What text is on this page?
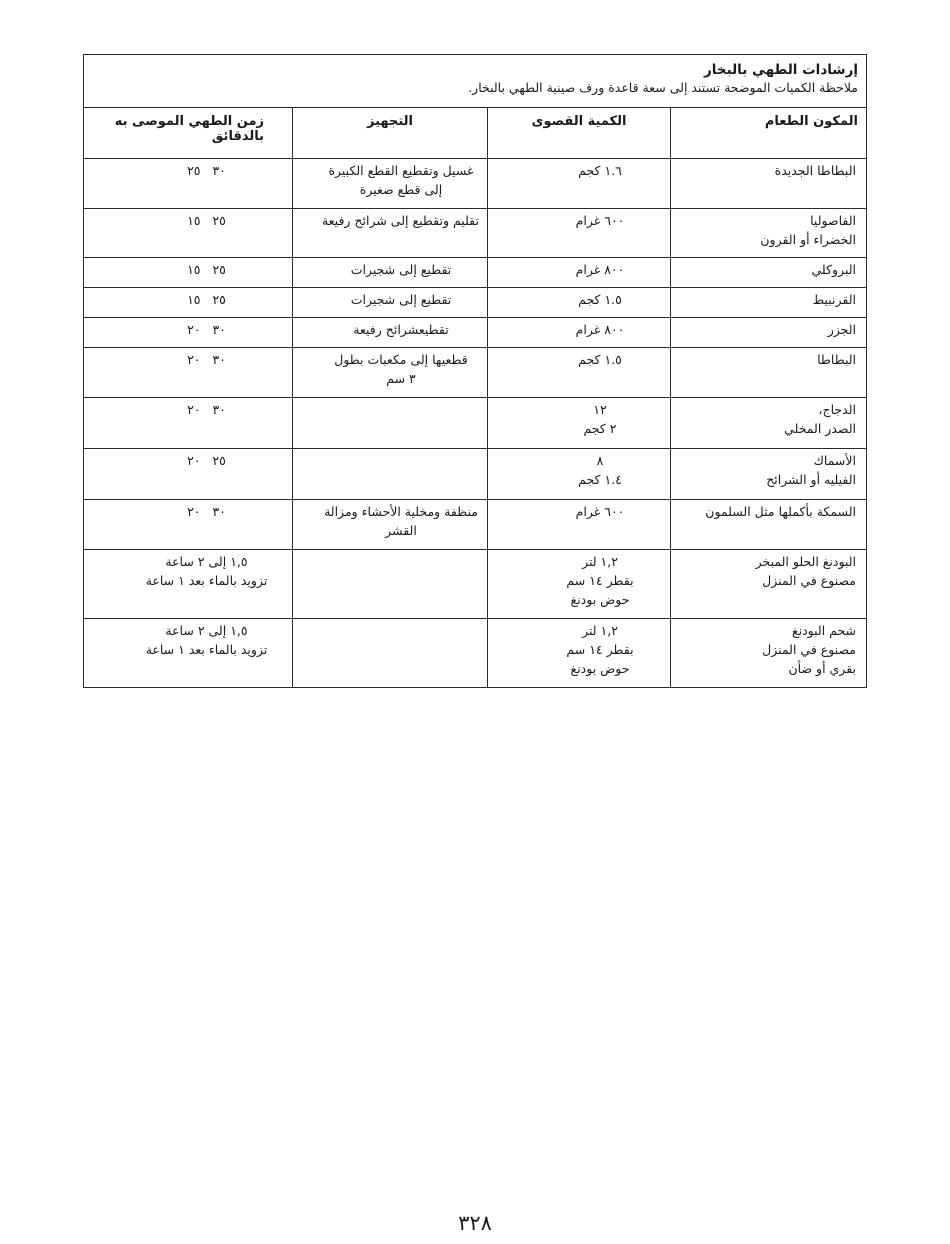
إرشادات الطهي بالبخار
ملاحظة الكميات الموضحة تستند إلى سعة قاعدة ورف صينية الطهي بالبخار.			

المكون الطعام	الكمية القصوى	التجهيز	زمن الطهي الموصى به بالدقائق

البطاطا الجديدة	١.٦ كجم	غسيل وتقطيع القطع الكبيرة
إلى قطع صغيرة	٣٠   ٢٥

الفاصوليا
الخضراء أو القرون	٦٠٠ غرام	تقليم وتقطيع إلى شرائح رفيعة	٢٥   ١٥

البروكلي	٨٠٠ غرام	تقطيع إلى شجيرات	٢٥   ١٥

القرنبيط	١.٥ كجم	تقطيع إلى شجيرات	٢٥   ١٥

الجزر	٨٠٠ غرام	تقطيعشرائح رفيعة	٣٠   ٢٠

البطاطا	١.٥ كجم	قطعيها إلى مكعبات بطول
٣ سم	٣٠   ٢٠

الدجاج،
الصدر المخلي	١٢
٢ كجم		٣٠   ٢٠

الأسماك
الفيليه أو الشرائح	٨
١.٤ كجم		٢٥   ٢٠

السمكة بأكملها مثل السلمون	٦٠٠ غرام	منظفة ومخلية الأحشاء ومزالة
القشر	٣٠   ٢٠

البودنغ الحلو المبخر
مصنوع في المنزل	١,٢ لتر
بقطر ١٤ سم
حوض بودنغ		١,٥ إلى ٢ ساعة
تزويد بالماء بعد ١ ساعة

شحم البودنغ
مصنوع في المنزل
بقري أو ضأن	١,٢ لتر
بقطر ١٤ سم
حوض بودنغ		١,٥ إلى ٢ ساعة
تزويد بالماء بعد ١ ساعة
٣٢٨
